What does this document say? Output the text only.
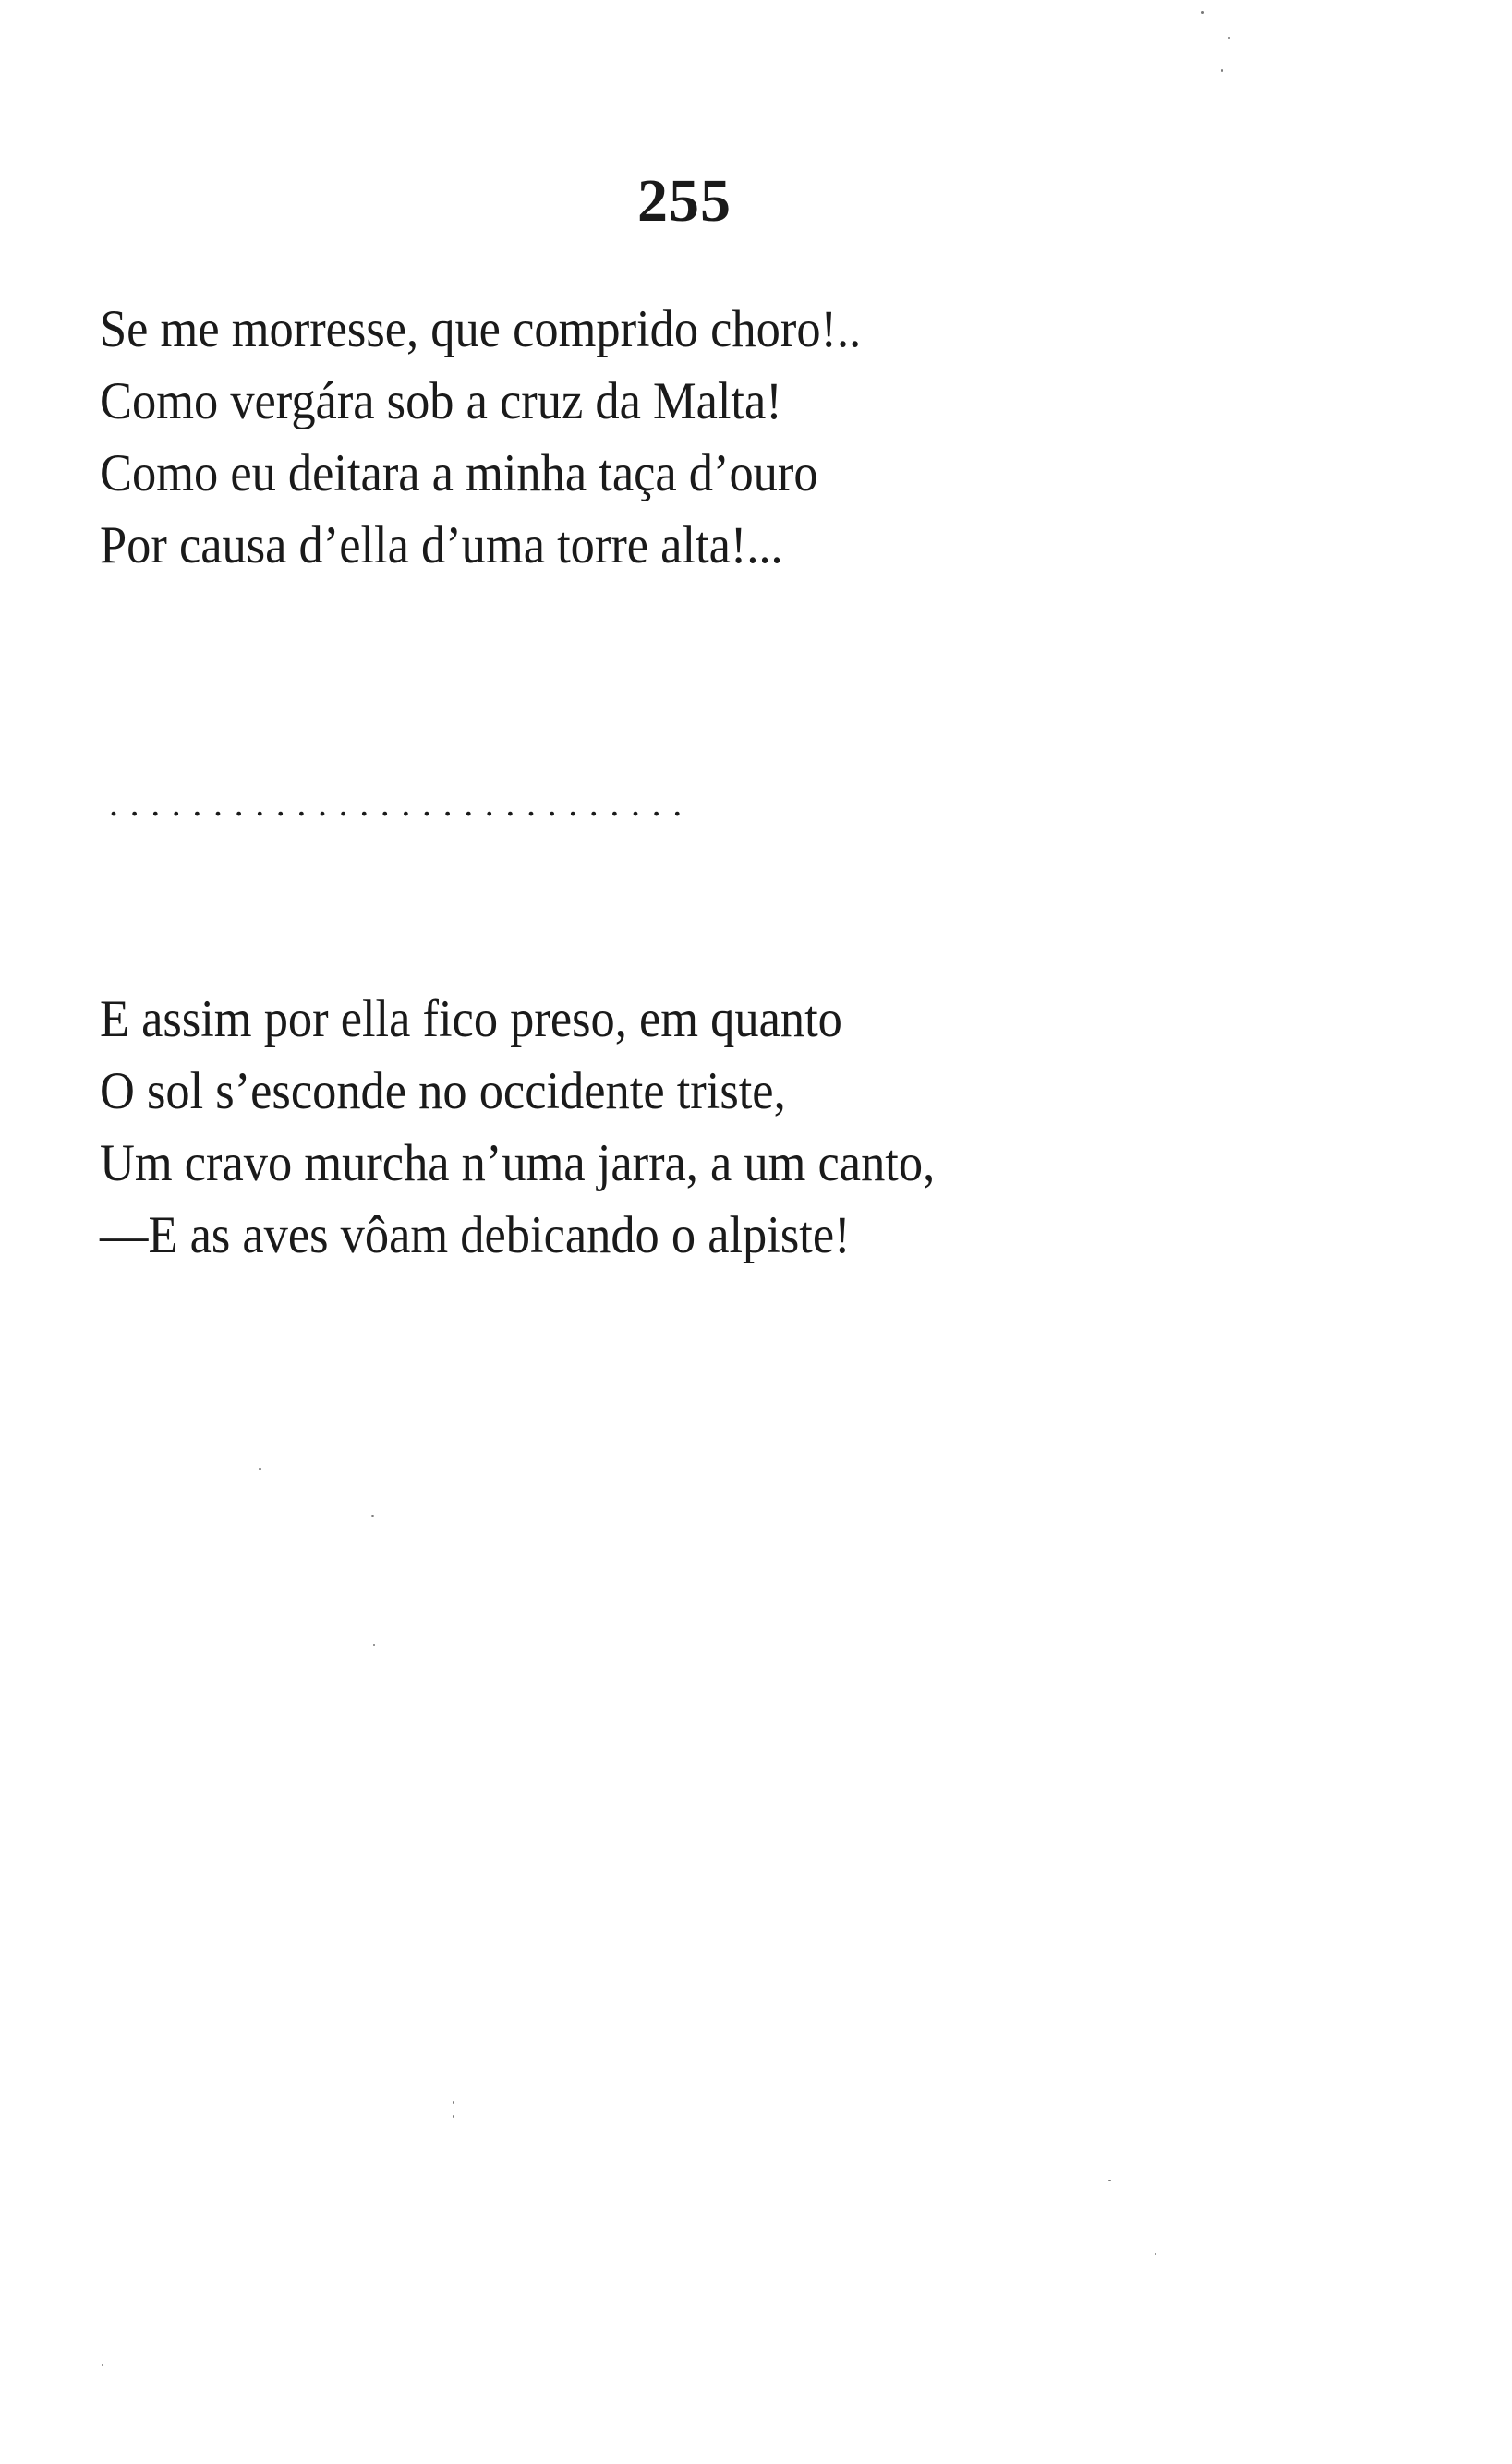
255
Se me morresse, que comprido choro!..
Como vergára sob a cruz da Malta!
Como eu deitara a minha taça d’ouro
Por causa d’ella d’uma torre alta!...
............................
E assim por ella fico preso, em quanto
O sol s’esconde no occidente triste,
Um cravo murcha n’uma jarra, a um canto,
—E as aves vôam debicando o alpiste!
